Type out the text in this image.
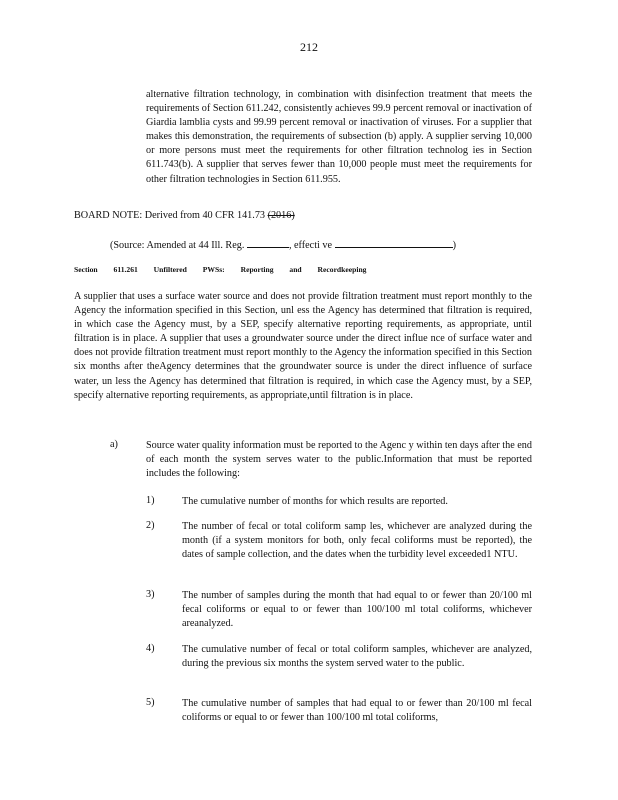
212
alternative filtration technology, in combination with disinfection treatment that meets the requirements of Section 611.242, consistently achieves 99.9 percent removal or inactivation of Giardia lamblia cysts and 99.99 percent removal or inactivation of viruses. For a supplier that makes this demonstration, the requirements of subsection (b) apply. A supplier serving 10,000 or more persons must meet the requirements for other filtration technolog ies in Section 611.743(b). A supplier that serves fewer than 10,000 people must meet the requirements for other filtration technologies in Section 611.955.
BOARD NOTE: Derived from 40 CFR 141.73 (2016)
(Source: Amended at 44 Ill. Reg.	, effecti ve	)
Section 611.261 Unfiltered PWSs: Reporting and Recordkeeping
A supplier that uses a surface water source and does not provide filtration treatment must report monthly to the Agency the information specified in this Section, unl ess the Agency has determined that filtration is required, in which case the Agency must, by a SEP, specify alternative reporting requirements, as appropriate, until filtration is in place. A supplier that uses a groundwater source under the direct influe nce of surface water and does not provide filtration treatment must report monthly to the Agency the information specified in this Section six months after theAgency determines that the groundwater source is under the direct influence of surface water, un less the Agency has determined that filtration is required, in which case the Agency must, by a SEP, specify alternative reporting requirements, as appropriate,until filtration is in place.
a)	Source water quality information must be reported to the Agenc y within ten days after the end of each month the system serves water to the public.Information that must be reported includes the following:
1)	The cumulative number of months for which results are reported.
2)	The number of fecal or total coliform samp les, whichever are analyzed during the month (if a system monitors for both, only fecal coliforms must be reported), the dates of sample collection, and the dates when the turbidity level exceeded1 NTU.
3)	The number of samples during the month that had equal to or fewer than 20/100 ml fecal coliforms or equal to or fewer than 100/100 ml total coliforms, whichever areanalyzed.
4)	The cumulative number of fecal or total coliform samples, whichever are analyzed, during the previous six months the system served water to the public.
5)	The cumulative number of samples that had equal to or fewer than 20/100 ml fecal coliforms or equal to or fewer than 100/100 ml total coliforms,
